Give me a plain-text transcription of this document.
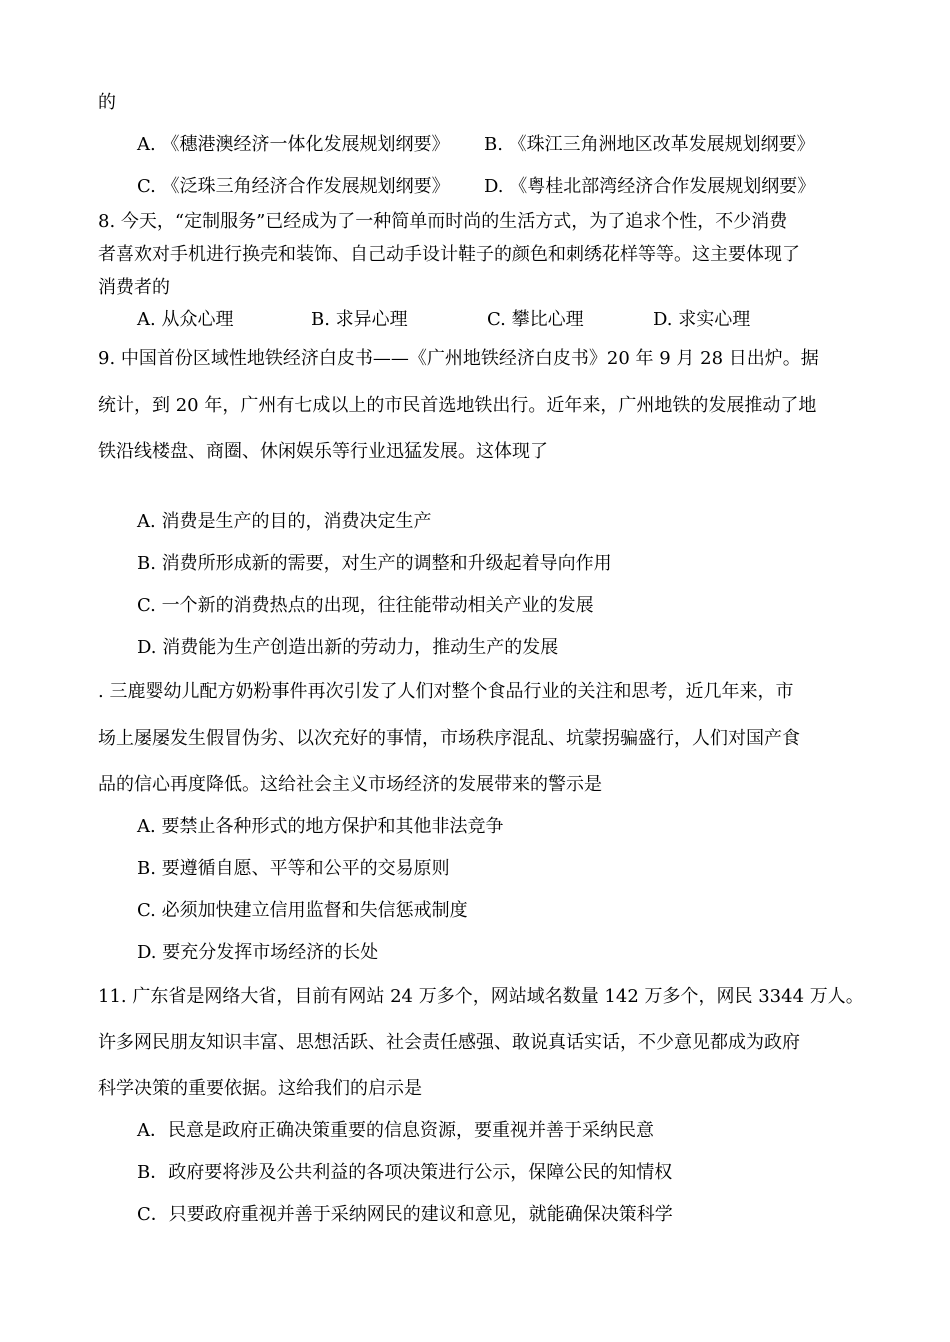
的
A. 《穗港澳经济一体化发展规划纲要》 B. 《珠江三角洲地区改革发展规划纲要》
C. 《泛珠三角经济合作发展规划纲要》 D. 《粤桂北部湾经济合作发展规划纲要》
8. 今天，“定制服务”已经成为了一种简单而时尚的生活方式，为了追求个性，不少消费
者喜欢对手机进行换壳和装饰、自己动手设计鞋子的颜色和刺绣花样等等。这主要体现了
消费者的
A. 从众心理	B. 求异心理	C. 攀比心理	D. 求实心理
9. 中国首份区域性地铁经济白皮书——《广州地铁经济白皮书》20 年 9 月 28 日出炉。据
统计，到 20 年，广州有七成以上的市民首选地铁出行。近年来，广州地铁的发展推动了地
铁沿线楼盘、商圈、休闲娱乐等行业迅猛发展。这体现了
A. 消费是生产的目的，消费决定生产
B. 消费所形成新的需要，对生产的调整和升级起着导向作用
C. 一个新的消费热点的出现，往往能带动相关产业的发展
D. 消费能为生产创造出新的劳动力，推动生产的发展
. 三鹿婴幼儿配方奶粉事件再次引发了人们对整个食品行业的关注和思考，近几年来，市
场上屡屡发生假冒伪劣、以次充好的事情，市场秩序混乱、坑蒙拐骗盛行，人们对国产食
品的信心再度降低。这给社会主义市场经济的发展带来的警示是
A. 要禁止各种形式的地方保护和其他非法竞争
B. 要遵循自愿、平等和公平的交易原则
C. 必须加快建立信用监督和失信惩戒制度
D. 要充分发挥市场经济的长处
11. 广东省是网络大省，目前有网站 24 万多个，网站域名数量 142 万多个，网民 3344 万人。
许多网民朋友知识丰富、思想活跃、社会责任感强、敢说真话实话，不少意见都成为政府
科学决策的重要依据。这给我们的启示是
A．民意是政府正确决策重要的信息资源，要重视并善于采纳民意
B．政府要将涉及公共利益的各项决策进行公示，保障公民的知情权
C．只要政府重视并善于采纳网民的建议和意见，就能确保决策科学
